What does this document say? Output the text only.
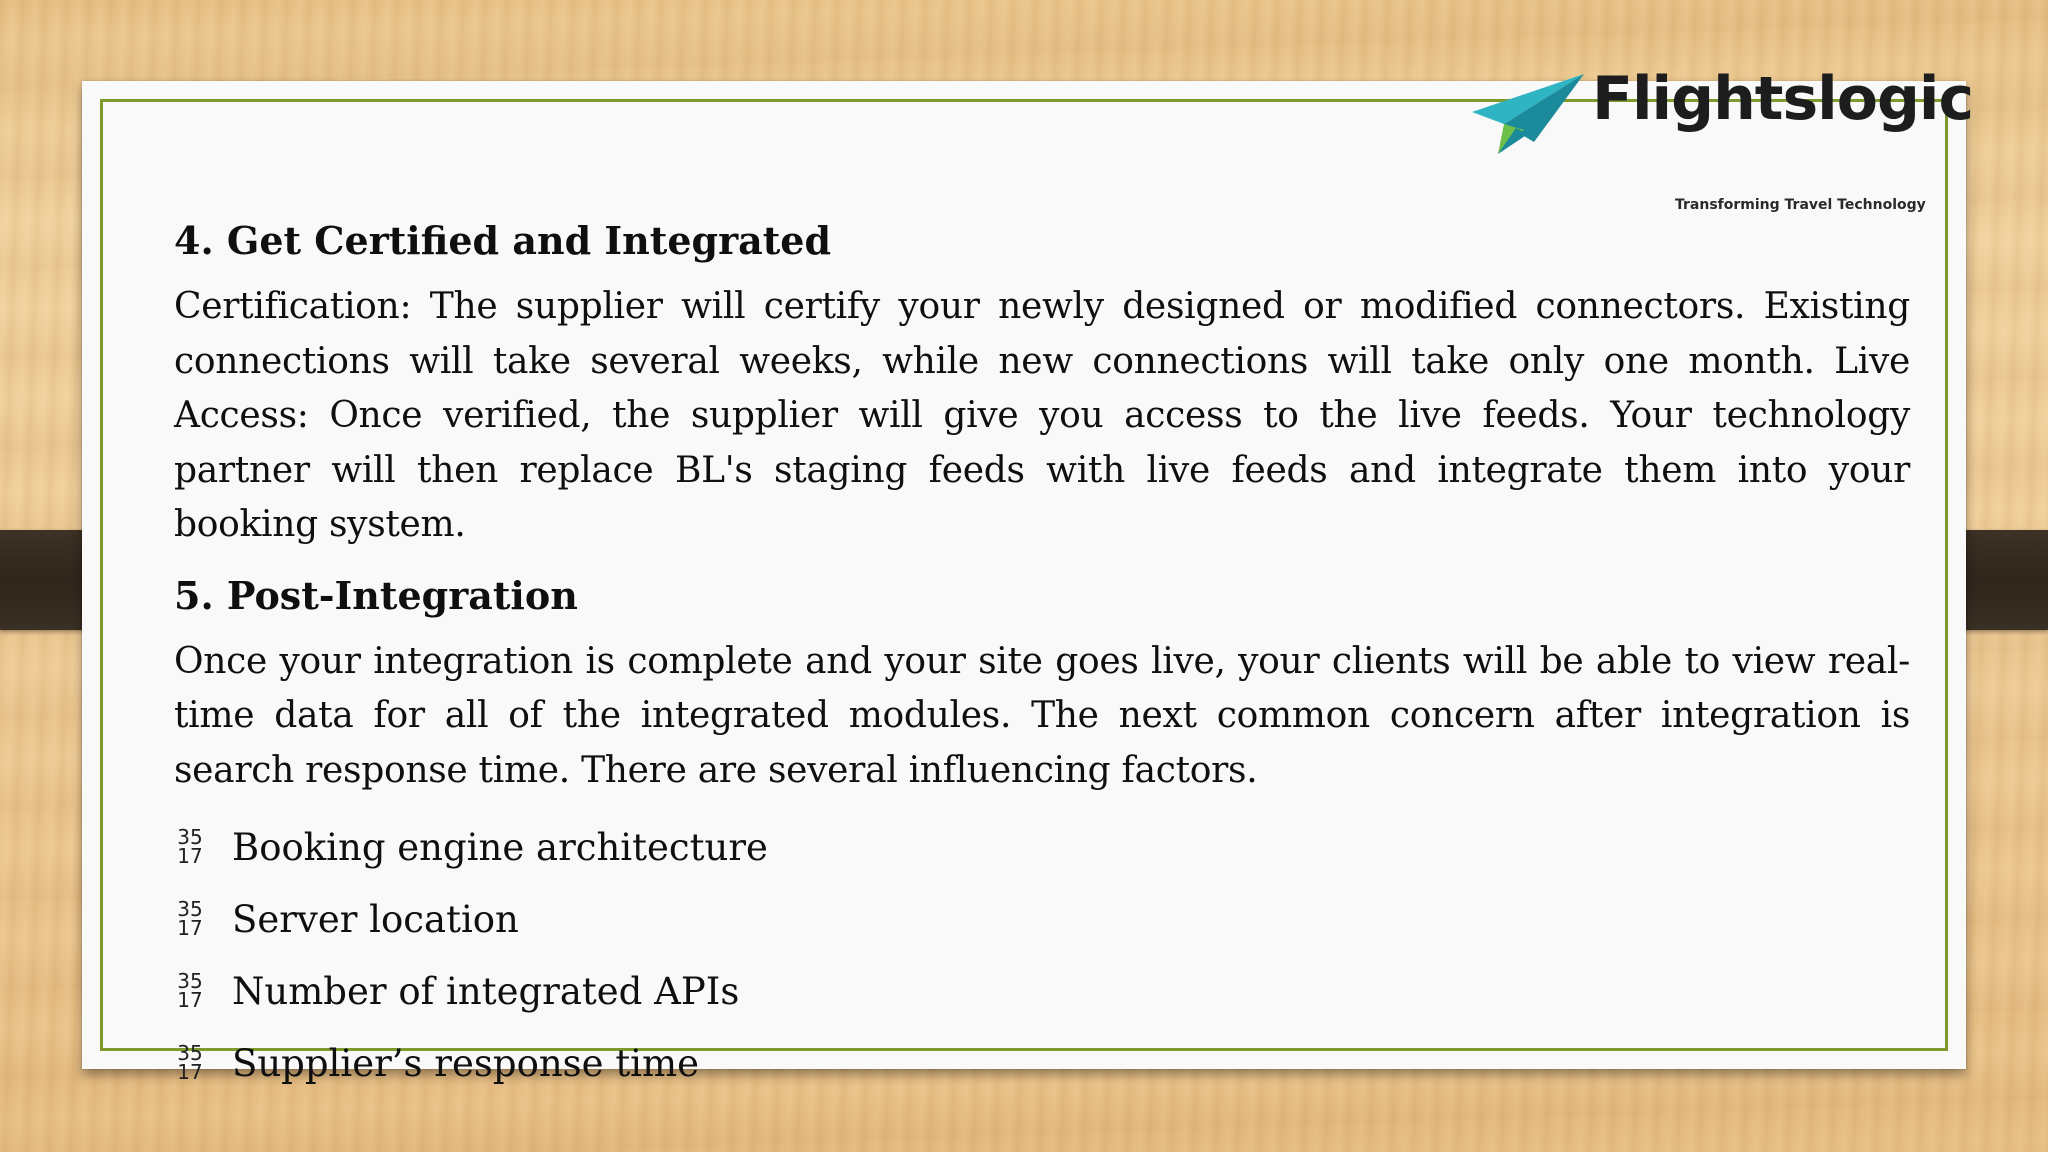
Flightslogic
Transforming Travel Technology
4. Get Certified and Integrated

Certification: The supplier will certify your newly designed or modified connectors. Existing connections will take several weeks, while new connections will take only one month. Live Access: Once verified, the supplier will give you access to the live feeds. Your technology partner will then replace BL's staging feeds with live feeds and integrate them into your booking system.

5. Post-Integration

Once your integration is complete and your site goes live, your clients will be able to view real-time data for all of the integrated modules. The next common concern after integration is search response time. There are several influencing factors.

35
17 Booking engine architecture
35
17 Server location
35
17 Number of integrated APIs
35
17 Supplier’s response time
